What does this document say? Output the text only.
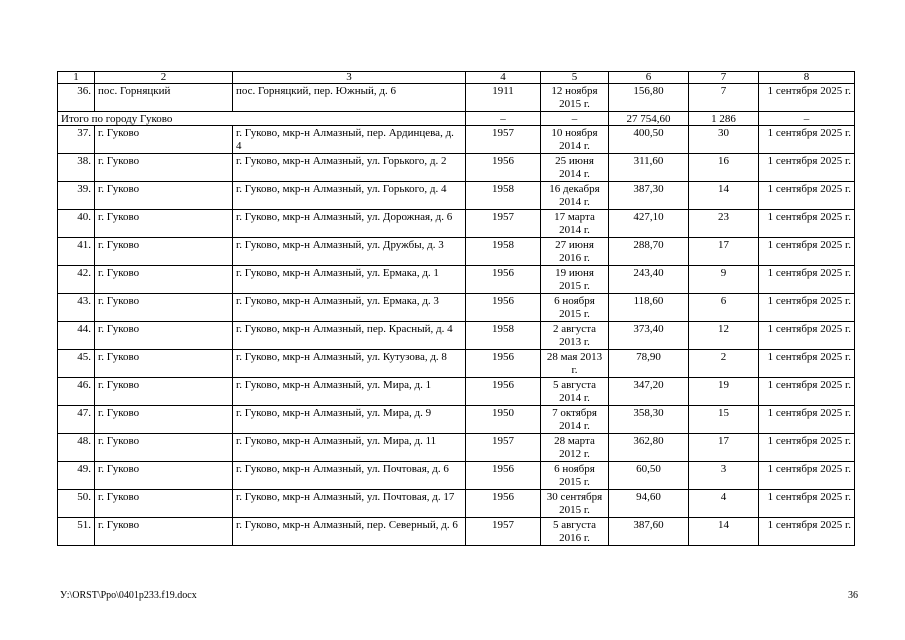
1	2	3	4	5	6	7	8
36.	пос. Горняцкий	пос. Горняцкий, пер. Южный, д. 6	1911	12 ноября 2015 г.	156,80	7	1 сентября 2025 г.
Итого по городу Гуково			–	–	27 754,60	1 286	–
37.	г. Гуково	г. Гуково, мкр-н Алмазный, пер. Ардинцева, д. 4	1957	10 ноября 2014 г.	400,50	30	1 сентября 2025 г.
38.	г. Гуково	г. Гуково, мкр-н Алмазный, ул. Горького, д. 2	1956	25 июня 2014 г.	311,60	16	1 сентября 2025 г.
39.	г. Гуково	г. Гуково, мкр-н Алмазный, ул. Горького, д. 4	1958	16 декабря 2014 г.	387,30	14	1 сентября 2025 г.
40.	г. Гуково	г. Гуково, мкр-н Алмазный, ул. Дорожная, д. 6	1957	17 марта 2014 г.	427,10	23	1 сентября 2025 г.
41.	г. Гуково	г. Гуково, мкр-н Алмазный, ул. Дружбы, д. 3	1958	27 июня 2016 г.	288,70	17	1 сентября 2025 г.
42.	г. Гуково	г. Гуково, мкр-н Алмазный, ул. Ермака, д. 1	1956	19 июня 2015 г.	243,40	9	1 сентября 2025 г.
43.	г. Гуково	г. Гуково, мкр-н Алмазный, ул. Ермака, д. 3	1956	6 ноября 2015 г.	118,60	6	1 сентября 2025 г.
44.	г. Гуково	г. Гуково, мкр-н Алмазный, пер. Красный, д. 4	1958	2 августа 2013 г.	373,40	12	1 сентября 2025 г.
45.	г. Гуково	г. Гуково, мкр-н Алмазный, ул. Кутузова, д. 8	1956	28 мая 2013 г.	78,90	2	1 сентября 2025 г.
46.	г. Гуково	г. Гуково, мкр-н Алмазный, ул. Мира, д. 1	1956	5 августа 2014 г.	347,20	19	1 сентября 2025 г.
47.	г. Гуково	г. Гуково, мкр-н Алмазный, ул. Мира, д. 9	1950	7 октября 2014 г.	358,30	15	1 сентября 2025 г.
48.	г. Гуково	г. Гуково, мкр-н Алмазный, ул. Мира, д. 11	1957	28 марта 2012 г.	362,80	17	1 сентября 2025 г.
49.	г. Гуково	г. Гуково, мкр-н Алмазный, ул. Почтовая, д. 6	1956	6 ноября 2015 г.	60,50	3	1 сентября 2025 г.
50.	г. Гуково	г. Гуково, мкр-н Алмазный, ул. Почтовая, д. 17	1956	30 сентября 2015 г.	94,60	4	1 сентября 2025 г.
51.	г. Гуково	г. Гуково, мкр-н Алмазный, пер. Северный, д. 6	1957	5 августа 2016 г.	387,60	14	1 сентября 2025 г.
У:\ORST\Ppo\0401p233.f19.docx	36
